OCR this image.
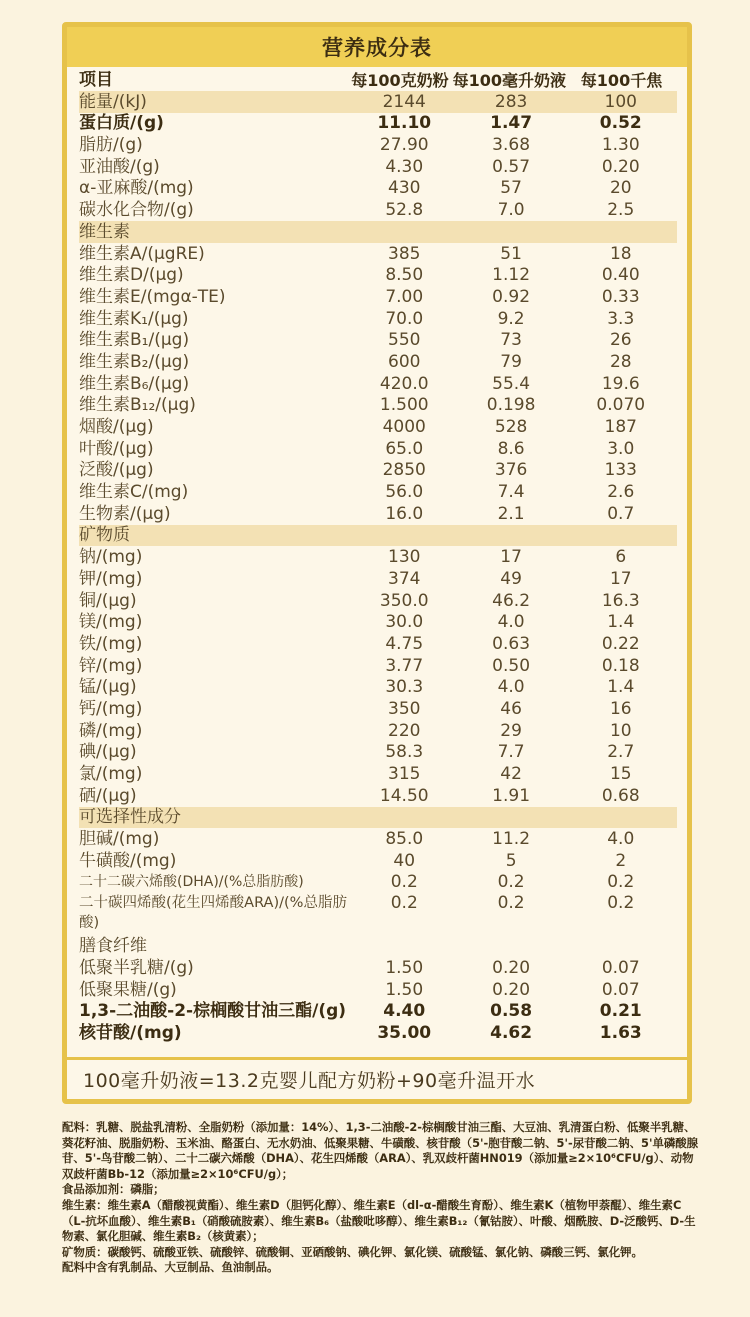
营养成分表
项目	每100克奶粉 每100毫升奶液 每100千焦
能量/(kJ)	2144	283	100
蛋白质/(g)	11.10	1.47	0.52
脂肪/(g)	27.90	3.68	1.30
亚油酸/(g)	4.30	0.57	0.20
α-亚麻酸/(mg)	430	57	20
碳水化合物/(g)	52.8	7.0	2.5
维生素
维生素A/(μgRE)	385	51	18
维生素D/(μg)	8.50	1.12	0.40
维生素E/(mgα-TE)	7.00	0.92	0.33
维生素K₁/(μg)	70.0	9.2	3.3
维生素B₁/(μg)	550	73	26
维生素B₂/(μg)	600	79	28
维生素B₆/(μg)	420.0	55.4	19.6
维生素B₁₂/(μg)	1.500	0.198	0.070
烟酸/(μg)	4000	528	187
叶酸/(μg)	65.0	8.6	3.0
泛酸/(μg)	2850	376	133
维生素C/(mg)	56.0	7.4	2.6
生物素/(μg)	16.0	2.1	0.7
矿物质
钠/(mg)	130	17	6
钾/(mg)	374	49	17
铜/(μg)	350.0	46.2	16.3
镁/(mg)	30.0	4.0	1.4
铁/(mg)	4.75	0.63	0.22
锌/(mg)	3.77	0.50	0.18
锰/(μg)	30.3	4.0	1.4
钙/(mg)	350	46	16
磷/(mg)	220	29	10
碘/(μg)	58.3	7.7	2.7
氯/(mg)	315	42	15
硒/(μg)	14.50	1.91	0.68
可选择性成分
胆碱/(mg)	85.0	11.2	4.0
牛磺酸/(mg)	40	5	2
二十二碳六烯酸(DHA)/(%总脂肪酸)	0.2	0.2	0.2
二十碳四烯酸(花生四烯酸ARA)/(%总脂肪酸)
0.2	0.2	0.2
膳食纤维
低聚半乳糖/(g)	1.50	0.20	0.07
低聚果糖/(g)	1.50	0.20	0.07
1,3-二油酸-2-棕榈酸甘油三酯/(g)	4.40	0.58	0.21
核苷酸/(mg)	35.00	4.62	1.63
100毫升奶液=13.2克婴儿配方奶粉+90毫升温开水

配料：乳糖、脱盐乳清粉、全脂奶粉（添加量：14%）、1,3-二油酸-2-棕榈酸甘油三酯、大豆油、乳清蛋白粉、低聚半乳糖、葵花籽油、脱脂奶粉、玉米油、酪蛋白、无水奶油、低聚果糖、牛磺酸、核苷酸（5'-胞苷酸二钠、5'-尿苷酸二钠、5'单磷酸腺苷、5'-鸟苷酸二钠）、二十二碳六烯酸（DHA）、花生四烯酸（ARA）、乳双歧杆菌HN019（添加量≥2×10⁶CFU/g）、动物双歧杆菌Bb-12（添加量≥2×10⁶CFU/g）；

食品添加剂：磷脂；

维生素：维生素A（醋酸视黄酯）、维生素D（胆钙化醇）、维生素E（dl-α-醋酸生育酚）、维生素K（植物甲萘醌）、维生素C（L-抗坏血酸）、维生素B₁（硝酸硫胺素）、维生素B₆（盐酸吡哆醇）、维生素B₁₂（氰钴胺）、叶酸、烟酰胺、D-泛酸钙、D-生物素、氯化胆碱、维生素B₂（核黄素）；

矿物质：碳酸钙、硫酸亚铁、硫酸锌、硫酸铜、亚硒酸钠、碘化钾、氯化镁、硫酸锰、氯化钠、磷酸三钙、氯化钾。

配料中含有乳制品、大豆制品、鱼油制品。
